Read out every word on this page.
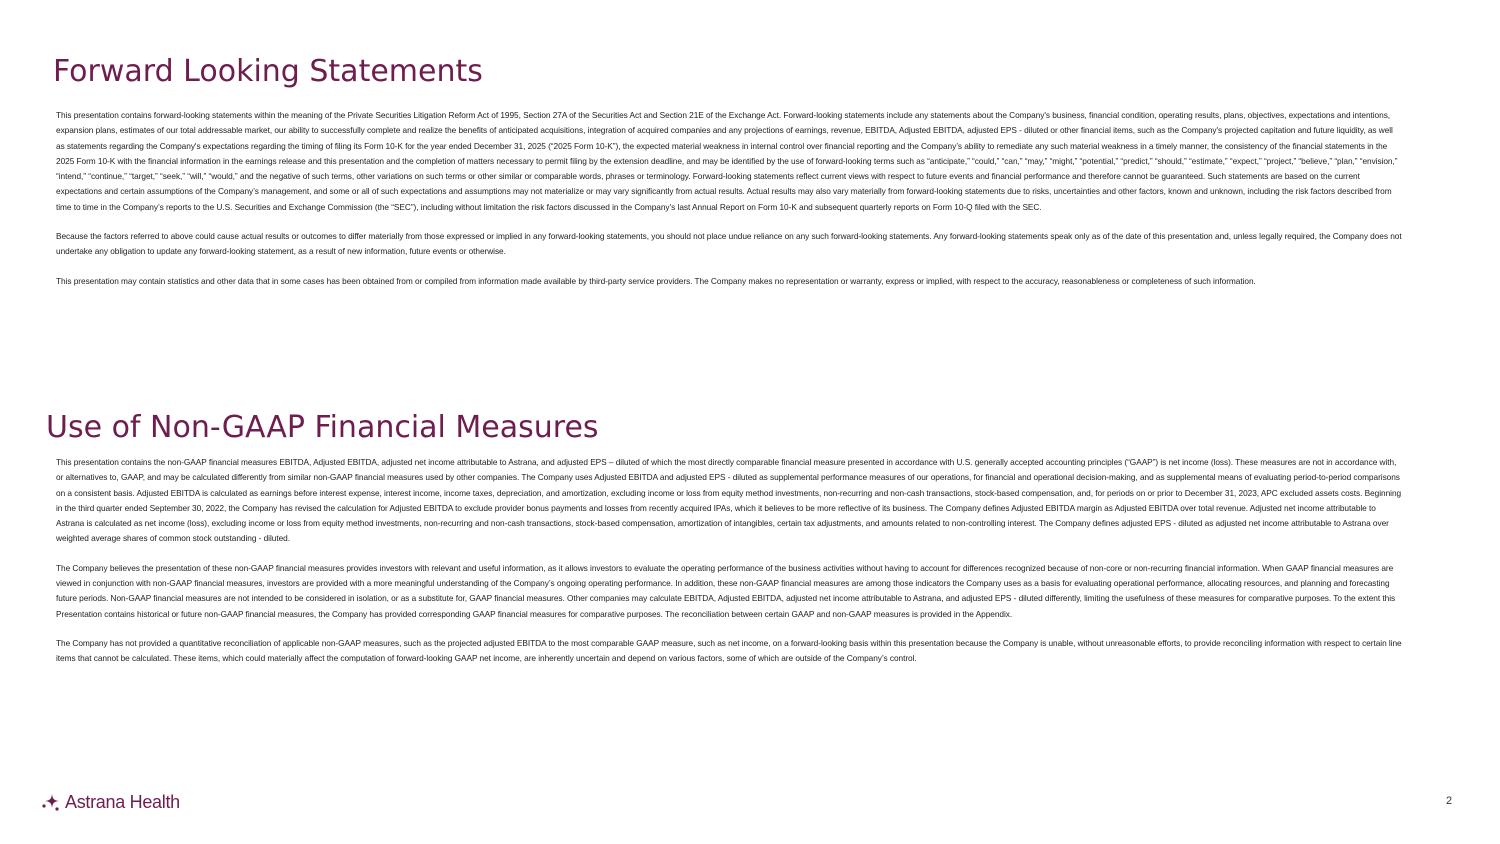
Forward Looking Statements

This presentation contains forward-looking statements within the meaning of the Private Securities Litigation Reform Act of 1995, Section 27A of the Securities Act and Section 21E of the Exchange Act. Forward-looking statements include any statements about the Company's business, financial condition, operating results, plans, objectives, expectations and intentions, expansion plans, estimates of our total addressable market, our ability to successfully complete and realize the benefits of anticipated acquisitions, integration of acquired companies and any projections of earnings, revenue, EBITDA, Adjusted EBITDA, adjusted EPS - diluted or other financial items, such as the Company's projected capitation and future liquidity, as well as statements regarding the Company's expectations regarding the timing of filing its Form 10-K for the year ended December 31, 2025 (“2025 Form 10-K”), the expected material weakness in internal control over financial reporting and the Company’s ability to remediate any such material weakness in a timely manner, the consistency of the financial statements in the 2025 Form 10-K with the financial information in the earnings release and this presentation and the completion of matters necessary to permit filing by the extension deadline, and may be identified by the use of forward-looking terms such as “anticipate,” “could,” “can,” “may,” “might,” “potential,” “predict,” “should,” “estimate,” “expect,” “project,” “believe,” “plan,” “envision,” “intend,” “continue,” “target,” “seek,” “will,” “would,” and the negative of such terms, other variations on such terms or other similar or comparable words, phrases or terminology. Forward-looking statements reflect current views with respect to future events and financial performance and therefore cannot be guaranteed. Such statements are based on the current expectations and certain assumptions of the Company’s management, and some or all of such expectations and assumptions may not materialize or may vary significantly from actual results. Actual results may also vary materially from forward-looking statements due to risks, uncertainties and other factors, known and unknown, including the risk factors described from time to time in the Company’s reports to the U.S. Securities and Exchange Commission (the “SEC”), including without limitation the risk factors discussed in the Company’s last Annual Report on Form 10-K and subsequent quarterly reports on Form 10-Q filed with the SEC.

Because the factors referred to above could cause actual results or outcomes to differ materially from those expressed or implied in any forward-looking statements, you should not place undue reliance on any such forward-looking statements. Any forward-looking statements speak only as of the date of this presentation and, unless legally required, the Company does not undertake any obligation to update any forward-looking statement, as a result of new information, future events or otherwise.

This presentation may contain statistics and other data that in some cases has been obtained from or compiled from information made available by third-party service providers. The Company makes no representation or warranty, express or implied, with respect to the accuracy, reasonableness or completeness of such information.

Use of Non-GAAP Financial Measures

This presentation contains the non-GAAP financial measures EBITDA, Adjusted EBITDA, adjusted net income attributable to Astrana, and adjusted EPS – diluted of which the most directly comparable financial measure presented in accordance with U.S. generally accepted accounting principles (“GAAP”) is net income (loss). These measures are not in accordance with, or alternatives to, GAAP, and may be calculated differently from similar non-GAAP financial measures used by other companies. The Company uses Adjusted EBITDA and adjusted EPS - diluted as supplemental performance measures of our operations, for financial and operational decision-making, and as supplemental means of evaluating period-to-period comparisons on a consistent basis. Adjusted EBITDA is calculated as earnings before interest expense, interest income, income taxes, depreciation, and amortization, excluding income or loss from equity method investments, non-recurring and non-cash transactions, stock-based compensation, and, for periods on or prior to December 31, 2023, APC excluded assets costs. Beginning in the third quarter ended September 30, 2022, the Company has revised the calculation for Adjusted EBITDA to exclude provider bonus payments and losses from recently acquired IPAs, which it believes to be more reflective of its business. The Company defines Adjusted EBITDA margin as Adjusted EBITDA over total revenue. Adjusted net income attributable to Astrana is calculated as net income (loss), excluding income or loss from equity method investments, non-recurring and non-cash transactions, stock-based compensation, amortization of intangibles, certain tax adjustments, and amounts related to non-controlling interest. The Company defines adjusted EPS - diluted as adjusted net income attributable to Astrana over weighted average shares of common stock outstanding - diluted.

The Company believes the presentation of these non-GAAP financial measures provides investors with relevant and useful information, as it allows investors to evaluate the operating performance of the business activities without having to account for differences recognized because of non-core or non-recurring financial information. When GAAP financial measures are viewed in conjunction with non-GAAP financial measures, investors are provided with a more meaningful understanding of the Company’s ongoing operating performance. In addition, these non-GAAP financial measures are among those indicators the Company uses as a basis for evaluating operational performance, allocating resources, and planning and forecasting future periods. Non-GAAP financial measures are not intended to be considered in isolation, or as a substitute for, GAAP financial measures. Other companies may calculate EBITDA, Adjusted EBITDA, adjusted net income attributable to Astrana, and adjusted EPS - diluted differently, limiting the usefulness of these measures for comparative purposes. To the extent this Presentation contains historical or future non-GAAP financial measures, the Company has provided corresponding GAAP financial measures for comparative purposes. The reconciliation between certain GAAP and non-GAAP measures is provided in the Appendix.

The Company has not provided a quantitative reconciliation of applicable non-GAAP measures, such as the projected adjusted EBITDA to the most comparable GAAP measure, such as net income, on a forward-looking basis within this presentation because the Company is unable, without unreasonable efforts, to provide reconciling information with respect to certain line items that cannot be calculated. These items, which could materially affect the computation of forward-looking GAAP net income, are inherently uncertain and depend on various factors, some of which are outside of the Company’s control.

Astrana Health	2
